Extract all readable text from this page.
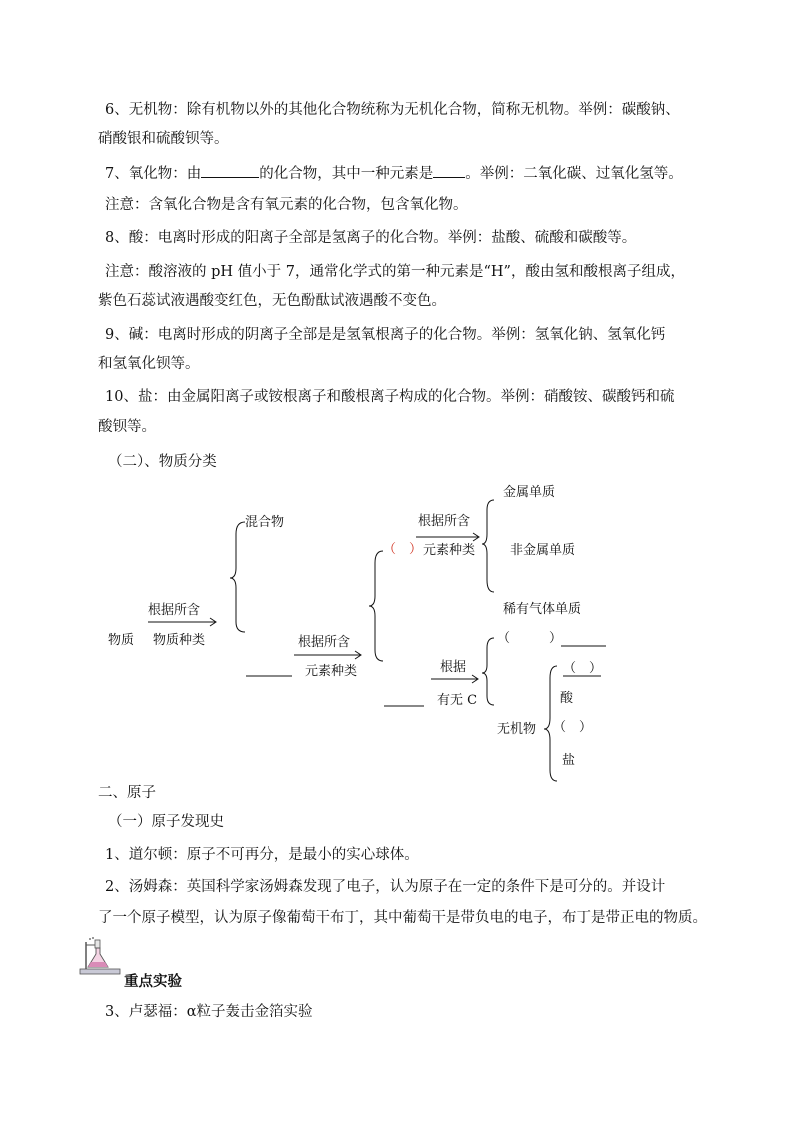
6、无机物：除有机物以外的其他化合物统称为无机化合物，简称无机物。举例：碳酸钠、
硝酸银和硫酸钡等。
7、氧化物：由	的化合物，其中一种元素是 。举例：二氧化碳、过氧化氢等。
注意：含氧化合物是含有氧元素的化合物，包含氧化物。
8、酸：电离时形成的阳离子全部是氢离子的化合物。举例：盐酸、硫酸和碳酸等。
注意：酸溶液的 pH 值小于 7，通常化学式的第一种元素是“H”，酸由氢和酸根离子组成，
紫色石蕊试液遇酸变红色，无色酚酞试液遇酸不变色。
9、碱：电离时形成的阴离子全部是是氢氧根离子的化合物。举例：氢氧化钠、氢氧化钙
和氢氧化钡等。
10、盐：由金属阳离子或铵根离子和酸根离子构成的化合物。举例：硝酸铵、碳酸钙和硫
酸钡等。
（二）、物质分类
混合物
根据所含
物质 物质种类	根据所含
元素种类
（　）
根据所含
元素种类
金属单质
非金属单质
稀有气体单质
（　　　）
根据
有无 C
无机物
（　）
酸
（　）
盐
二、原子
（一）原子发现史
1、道尔顿：原子不可再分，是最小的实心球体。
2、汤姆森：英国科学家汤姆森发现了电子，认为原子在一定的条件下是可分的。并设计
了一个原子模型，认为原子像葡萄干布丁，其中葡萄干是带负电的电子，布丁是带正电的物质。
重点实验
3、卢瑟福：α粒子轰击金箔实验
